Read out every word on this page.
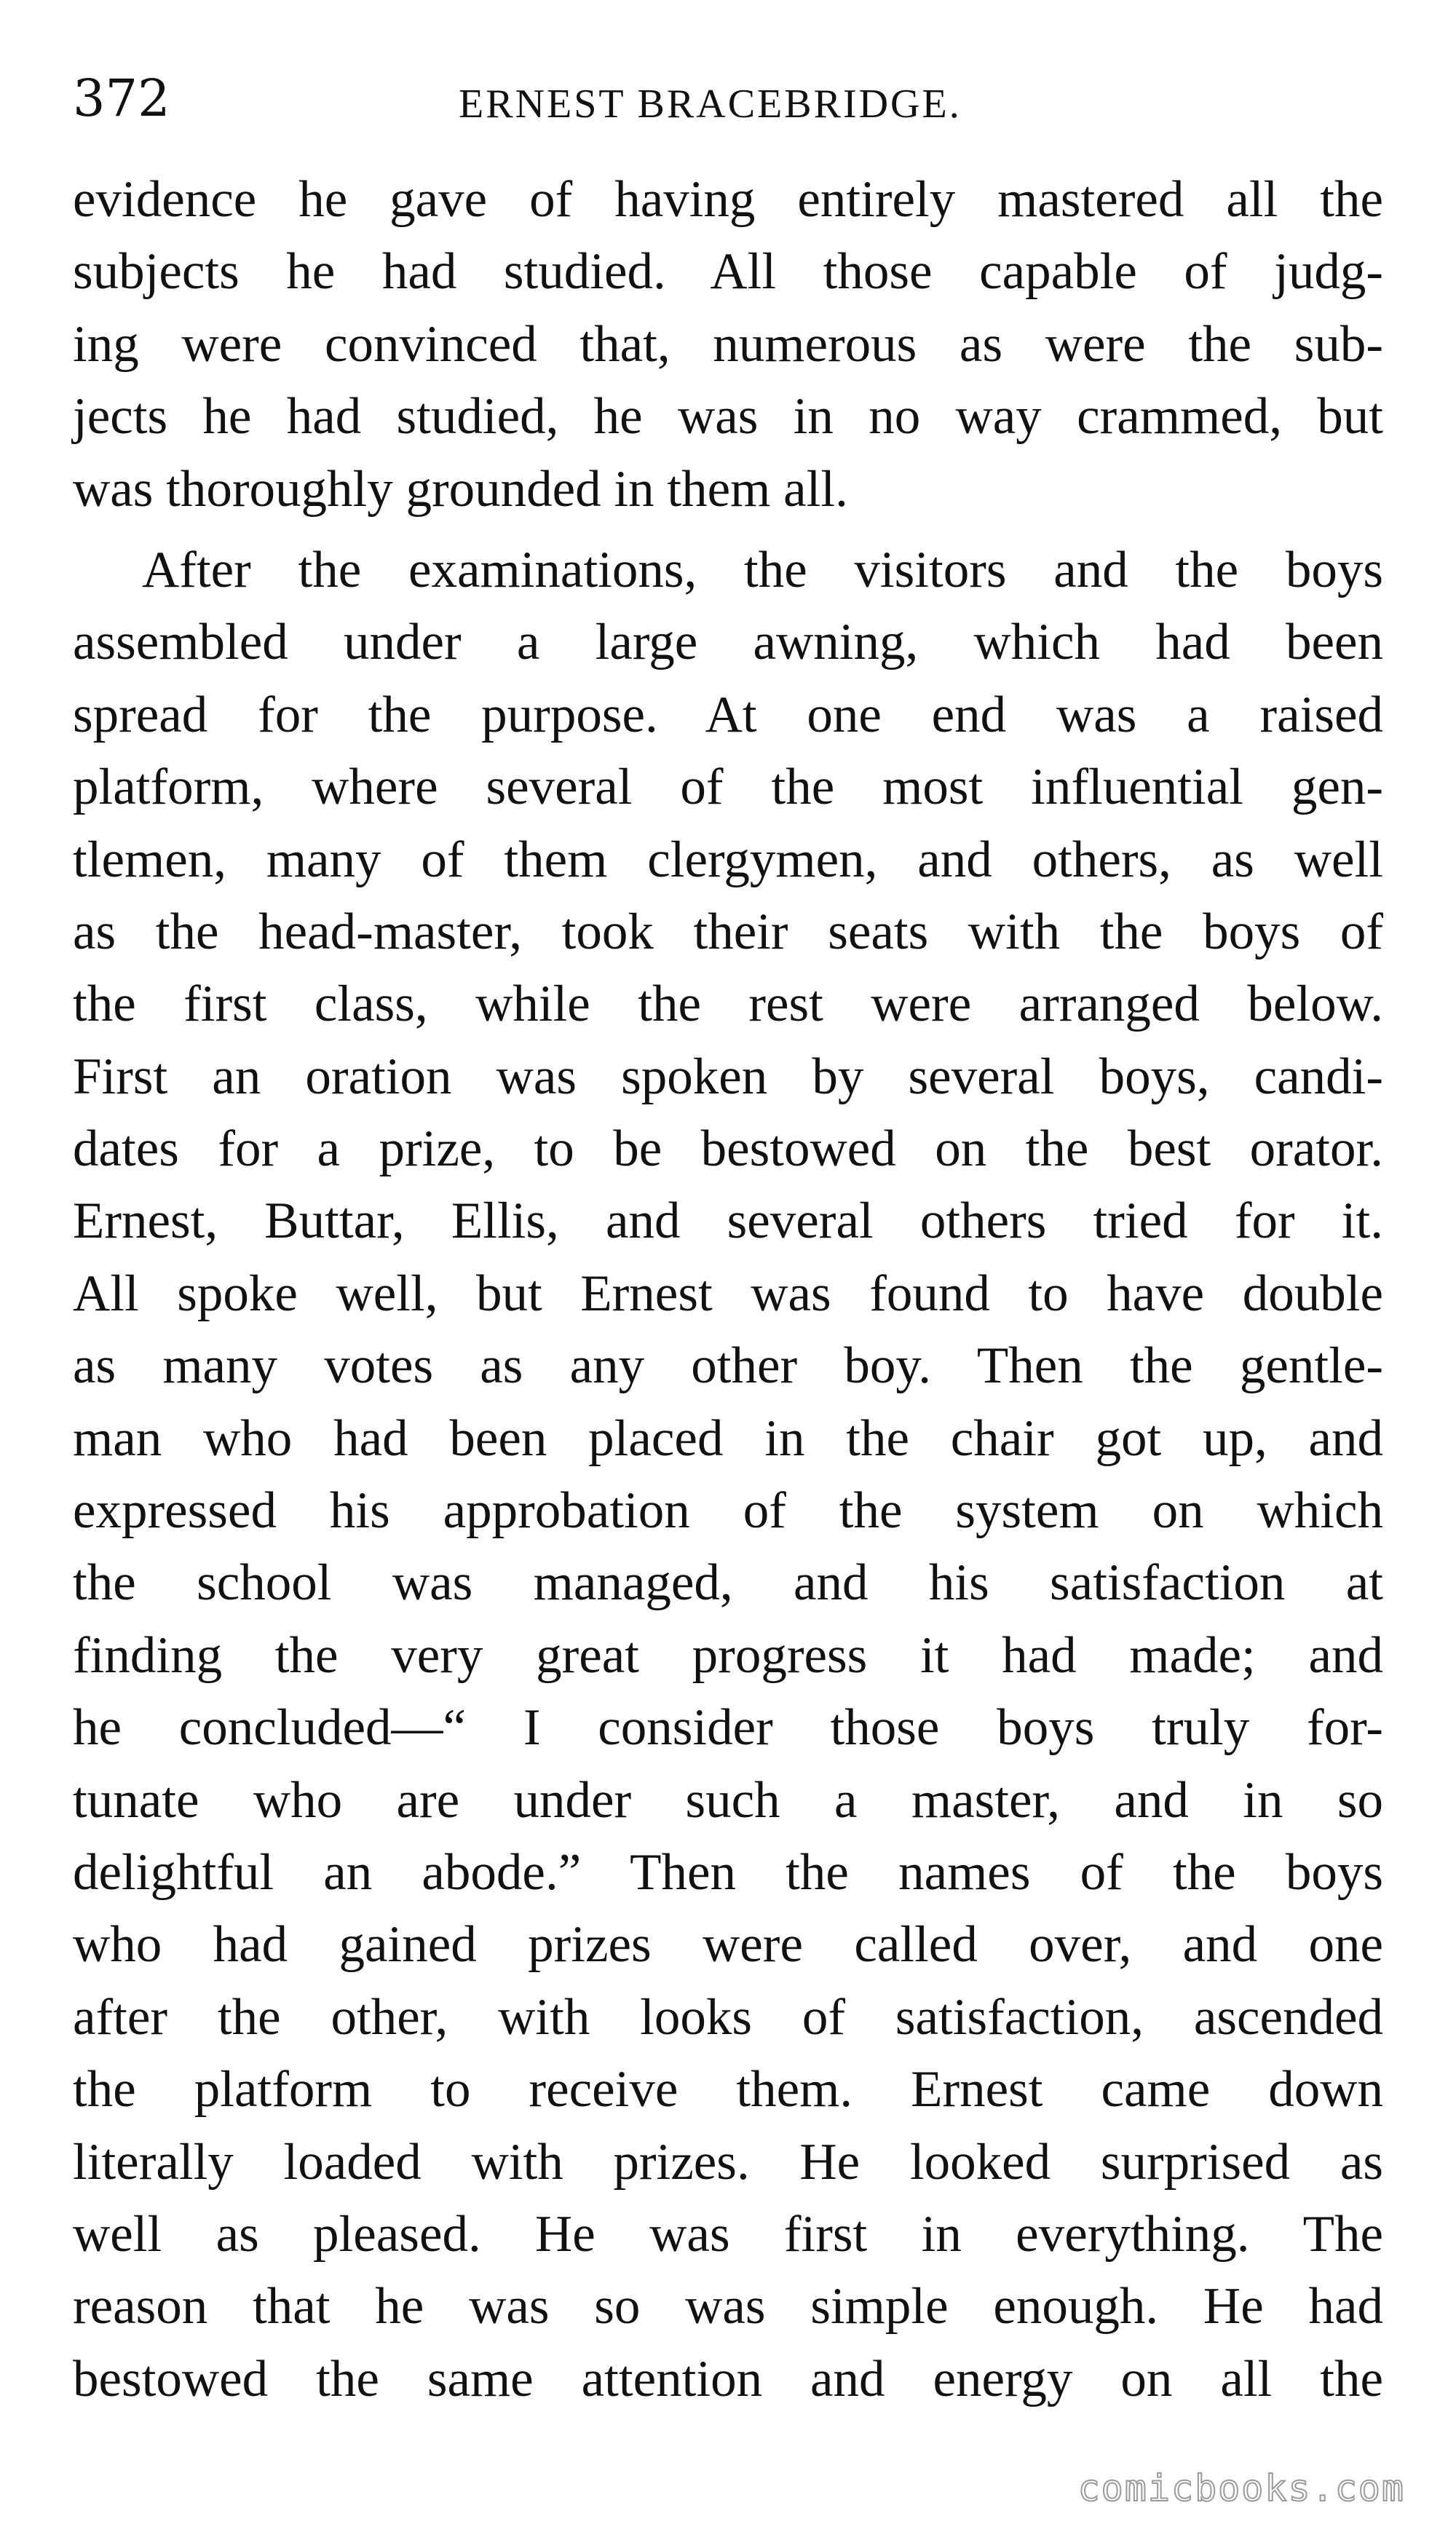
372	ERNEST BRACEBRIDGE.
evidence he gave of having entirely mastered all the
subjects he had studied. All those capable of judg-
ing were convinced that, numerous as were the sub-
jects he had studied, he was in no way crammed, but
was thoroughly grounded in them all.
After the examinations, the visitors and the boys
assembled under a large awning, which had been
spread for the purpose. At one end was a raised
platform, where several of the most influential gen-
tlemen, many of them clergymen, and others, as well
as the head-master, took their seats with the boys of
the first class, while the rest were arranged below.
First an oration was spoken by several boys, candi-
dates for a prize, to be bestowed on the best orator.
Ernest, Buttar, Ellis, and several others tried for it.
All spoke well, but Ernest was found to have double
as many votes as any other boy. Then the gentle-
man who had been placed in the chair got up, and
expressed his approbation of the system on which
the school was managed, and his satisfaction at
finding the very great progress it had made; and
he concluded—“ I consider those boys truly for-
tunate who are under such a master, and in so
delightful an abode.” Then the names of the boys
who had gained prizes were called over, and one
after the other, with looks of satisfaction, ascended
the platform to receive them. Ernest came down
literally loaded with prizes. He looked surprised as
well as pleased. He was first in everything. The
reason that he was so was simple enough. He had
bestowed the same attention and energy on all the
comicbooks.com
